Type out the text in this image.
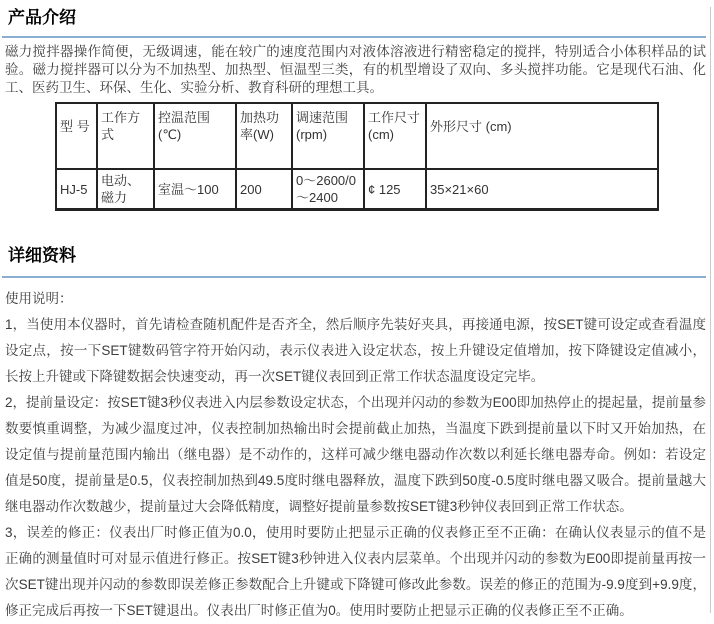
产品介绍

磁力搅拌器操作简便，无级调速，能在较广的速度范围内对液体溶液进行精密稳定的搅拌，特别适合小体积样品的试验。磁力搅拌器可以分为不加热型、加热型、恒温型三类，有的机型增设了双向、多头搅拌功能。它是现代石油、化工、医药卫生、环保、生化、实验分析、教育科研的理想工具。

型 号	工作方式	控温范围 (℃)	加热功率(W)	调速范围 (rpm)	工作尺寸(cm)	外形尺寸 (cm)
HJ-5	电动、磁力	室温～100	200	0～2600/0～2400	¢ 125	35×21×60
详细资料

使用说明：

1，当使用本仪器时，首先请检查随机配件是否齐全，然后顺序先装好夹具，再接通电源，按SET键可设定或查看温度设定点，按一下SET键数码管字符开始闪动，表示仪表进入设定状态，按上升键设定值增加，按下降键设定值减小，长按上升键或下降键数据会快速变动，再一次SET键仪表回到正常工作状态温度设定完毕。

2，提前量设定：按SET键3秒仪表进入内层参数设定状态，个出现并闪动的参数为E00即加热停止的提起量，提前量参数要慎重调整，为减少温度过冲，仪表控制加热输出时会提前截止加热，当温度下跌到提前量以下时又开始加热，在设定值与提前量范围内输出（继电器）是不动作的，这样可减少继电器动作次数以利延长继电器寿命。例如：若设定值是50度，提前量是0.5，仪表控制加热到49.5度时继电器释放，温度下跌到50度-0.5度时继电器又吸合。提前量越大继电器动作次数越少，提前量过大会降低精度，调整好提前量参数按SET键3秒钟仪表回到正常工作状态。

3，误差的修正：仪表出厂时修正值为0.0，使用时要防止把显示正确的仪表修正至不正确：在确认仪表显示的值不是正确的测量值时可对显示值进行修正。按SET键3秒钟进入仪表内层菜单。个出现并闪动的参数为E00即提前量再按一次SET键出现并闪动的参数即误差修正参数配合上升键或下降键可修改此参数。误差的修正的范围为-9.9度到+9.9度，修正完成后再按一下SET键退出。仪表出厂时修正值为0。使用时要防止把显示正确的仪表修正至不正确。
